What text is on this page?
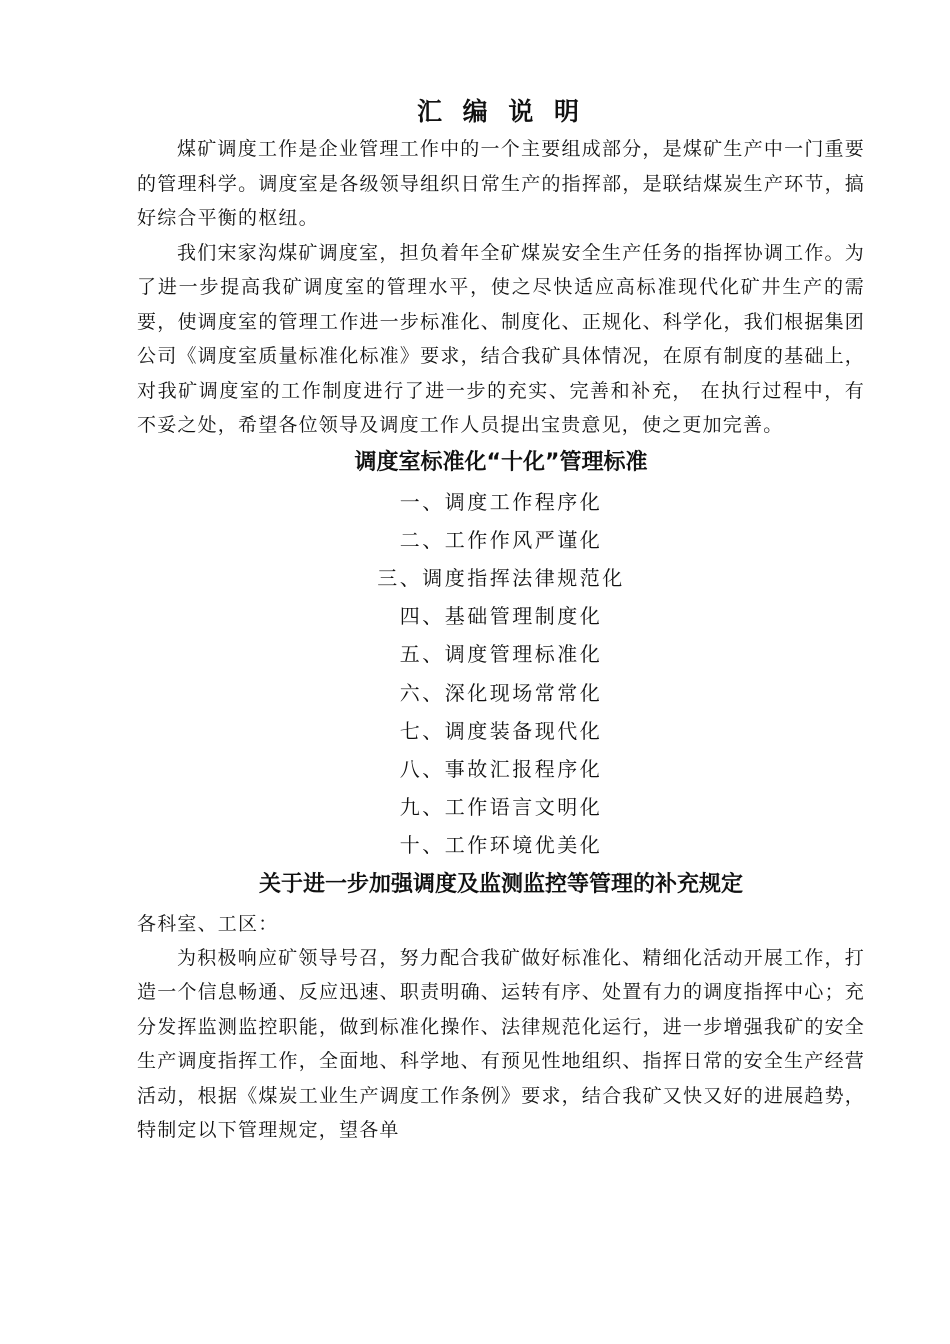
汇 编 说 明

煤矿调度工作是企业管理工作中的一个主要组成部分，是煤矿生产中一门重要的管理科学。调度室是各级领导组织日常生产的指挥部，是联结煤炭生产环节，搞好综合平衡的枢纽。

我们宋家沟煤矿调度室，担负着年全矿煤炭安全生产任务的指挥协调工作。为了进一步提高我矿调度室的管理水平，使之尽快适应高标准现代化矿井生产的需要，使调度室的管理工作进一步标准化、制度化、正规化、科学化，我们根据集团公司《调度室质量标准化标准》要求，结合我矿具体情况，在原有制度的基础上，对我矿调度室的工作制度进行了进一步的充实、完善和补充， 在执行过程中，有不妥之处，希望各位领导及调度工作人员提出宝贵意见，使之更加完善。

调度室标准化“十化”管理标准
一、调度工作程序化
二、工作作风严谨化
三、调度指挥法律规范化
四、基础管理制度化
五、调度管理标准化
六、深化现场常常化
七、调度装备现代化
八、事故汇报程序化
九、工作语言文明化
十、工作环境优美化
关于进一步加强调度及监测监控等管理的补充规定

各科室、工区：

为积极响应矿领导号召，努力配合我矿做好标准化、精细化活动开展工作，打造一个信息畅通、反应迅速、职责明确、运转有序、处置有力的调度指挥中心；充分发挥监测监控职能，做到标准化操作、法律规范化运行，进一步增强我矿的安全生产调度指挥工作，全面地、科学地、有预见性地组织、指挥日常的安全生产经营活动，根据《煤炭工业生产调度工作条例》要求，结合我矿又快又好的进展趋势，特制定以下管理规定，望各单
